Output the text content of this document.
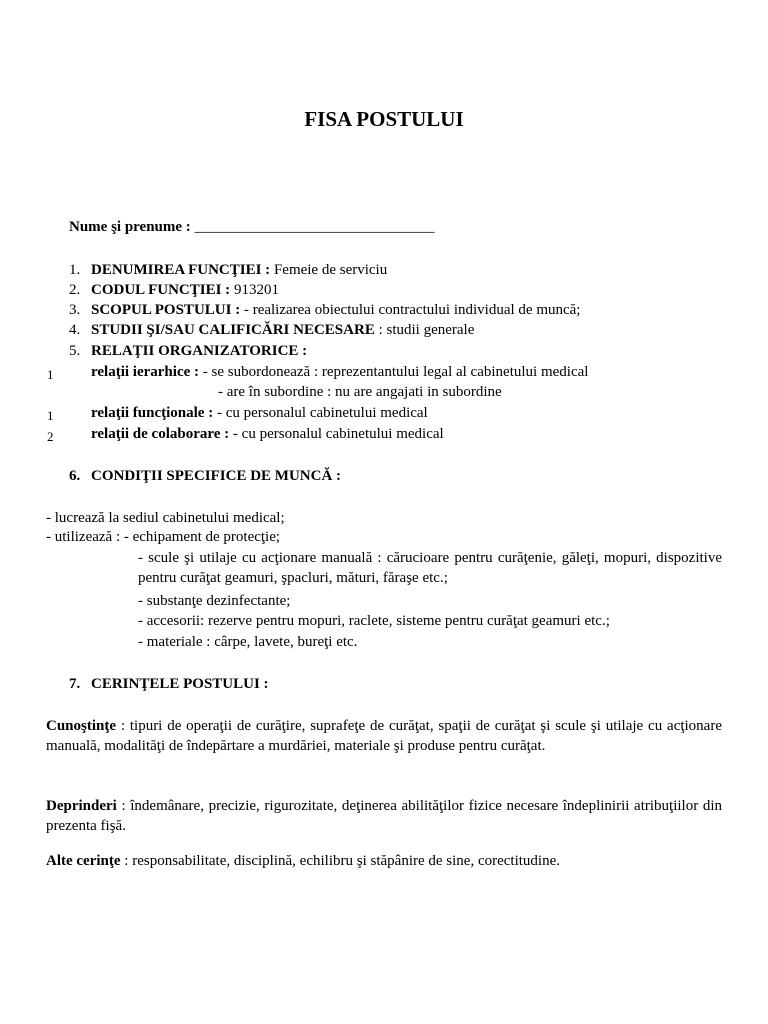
FISA POSTULUI
Nume şi prenume : ________________________________
1. DENUMIREA FUNCŢIEI : Femeie de serviciu
2. CODUL FUNCŢIEI : 913201
3. SCOPUL POSTULUI : - realizarea obiectului contractului individual de muncă;
4. STUDII ŞI/SAU CALIFICĂRI NECESARE : studii generale
5. RELAŢII ORGANIZATORICE :
1	relaţii ierarhice : - se subordonează : reprezentantului legal al cabinetului medical
- are în subordine : nu are angajati in subordine
1	relaţii funcţionale : - cu personalul cabinetului medical
2	relaţii de colaborare : - cu personalul cabinetului medical
6. CONDIŢII SPECIFICE DE MUNCĂ :
- lucrează la sediul cabinetului medical;
- utilizează : - echipament de protecţie;
- scule şi utilaje cu acţionare manuală : cărucioare pentru curăţenie, gălеţi, mopuri, dispozitive pentru curăţat geamuri, şpacluri, mături, făraşe etc.;
- substanţe dezinfectante;
- accesorii: rezerve pentru mopuri, raclete, sisteme pentru curăţat geamuri etc.;
- materiale : cârpe, lavete, bureţi etc.
7. CERINŢELE POSTULUI :
Cunoştinţe : tipuri de operaţii de curăţire, suprafeţe de curăţat, spaţii de curăţat şi scule şi utilaje cu acţionare manuală, modalităţi de îndepărtare a murdăriei, materiale şi produse pentru curăţat.
Deprinderi : îndemânare, precizie, rigurozitate, deţinerea abilităţilor fizice necesare îndeplinirii atribuţiilor din prezenta fişă.
Alte cerinţe : responsabilitate, disciplină, echilibru şi stăpânire de sine, corectitudine.
